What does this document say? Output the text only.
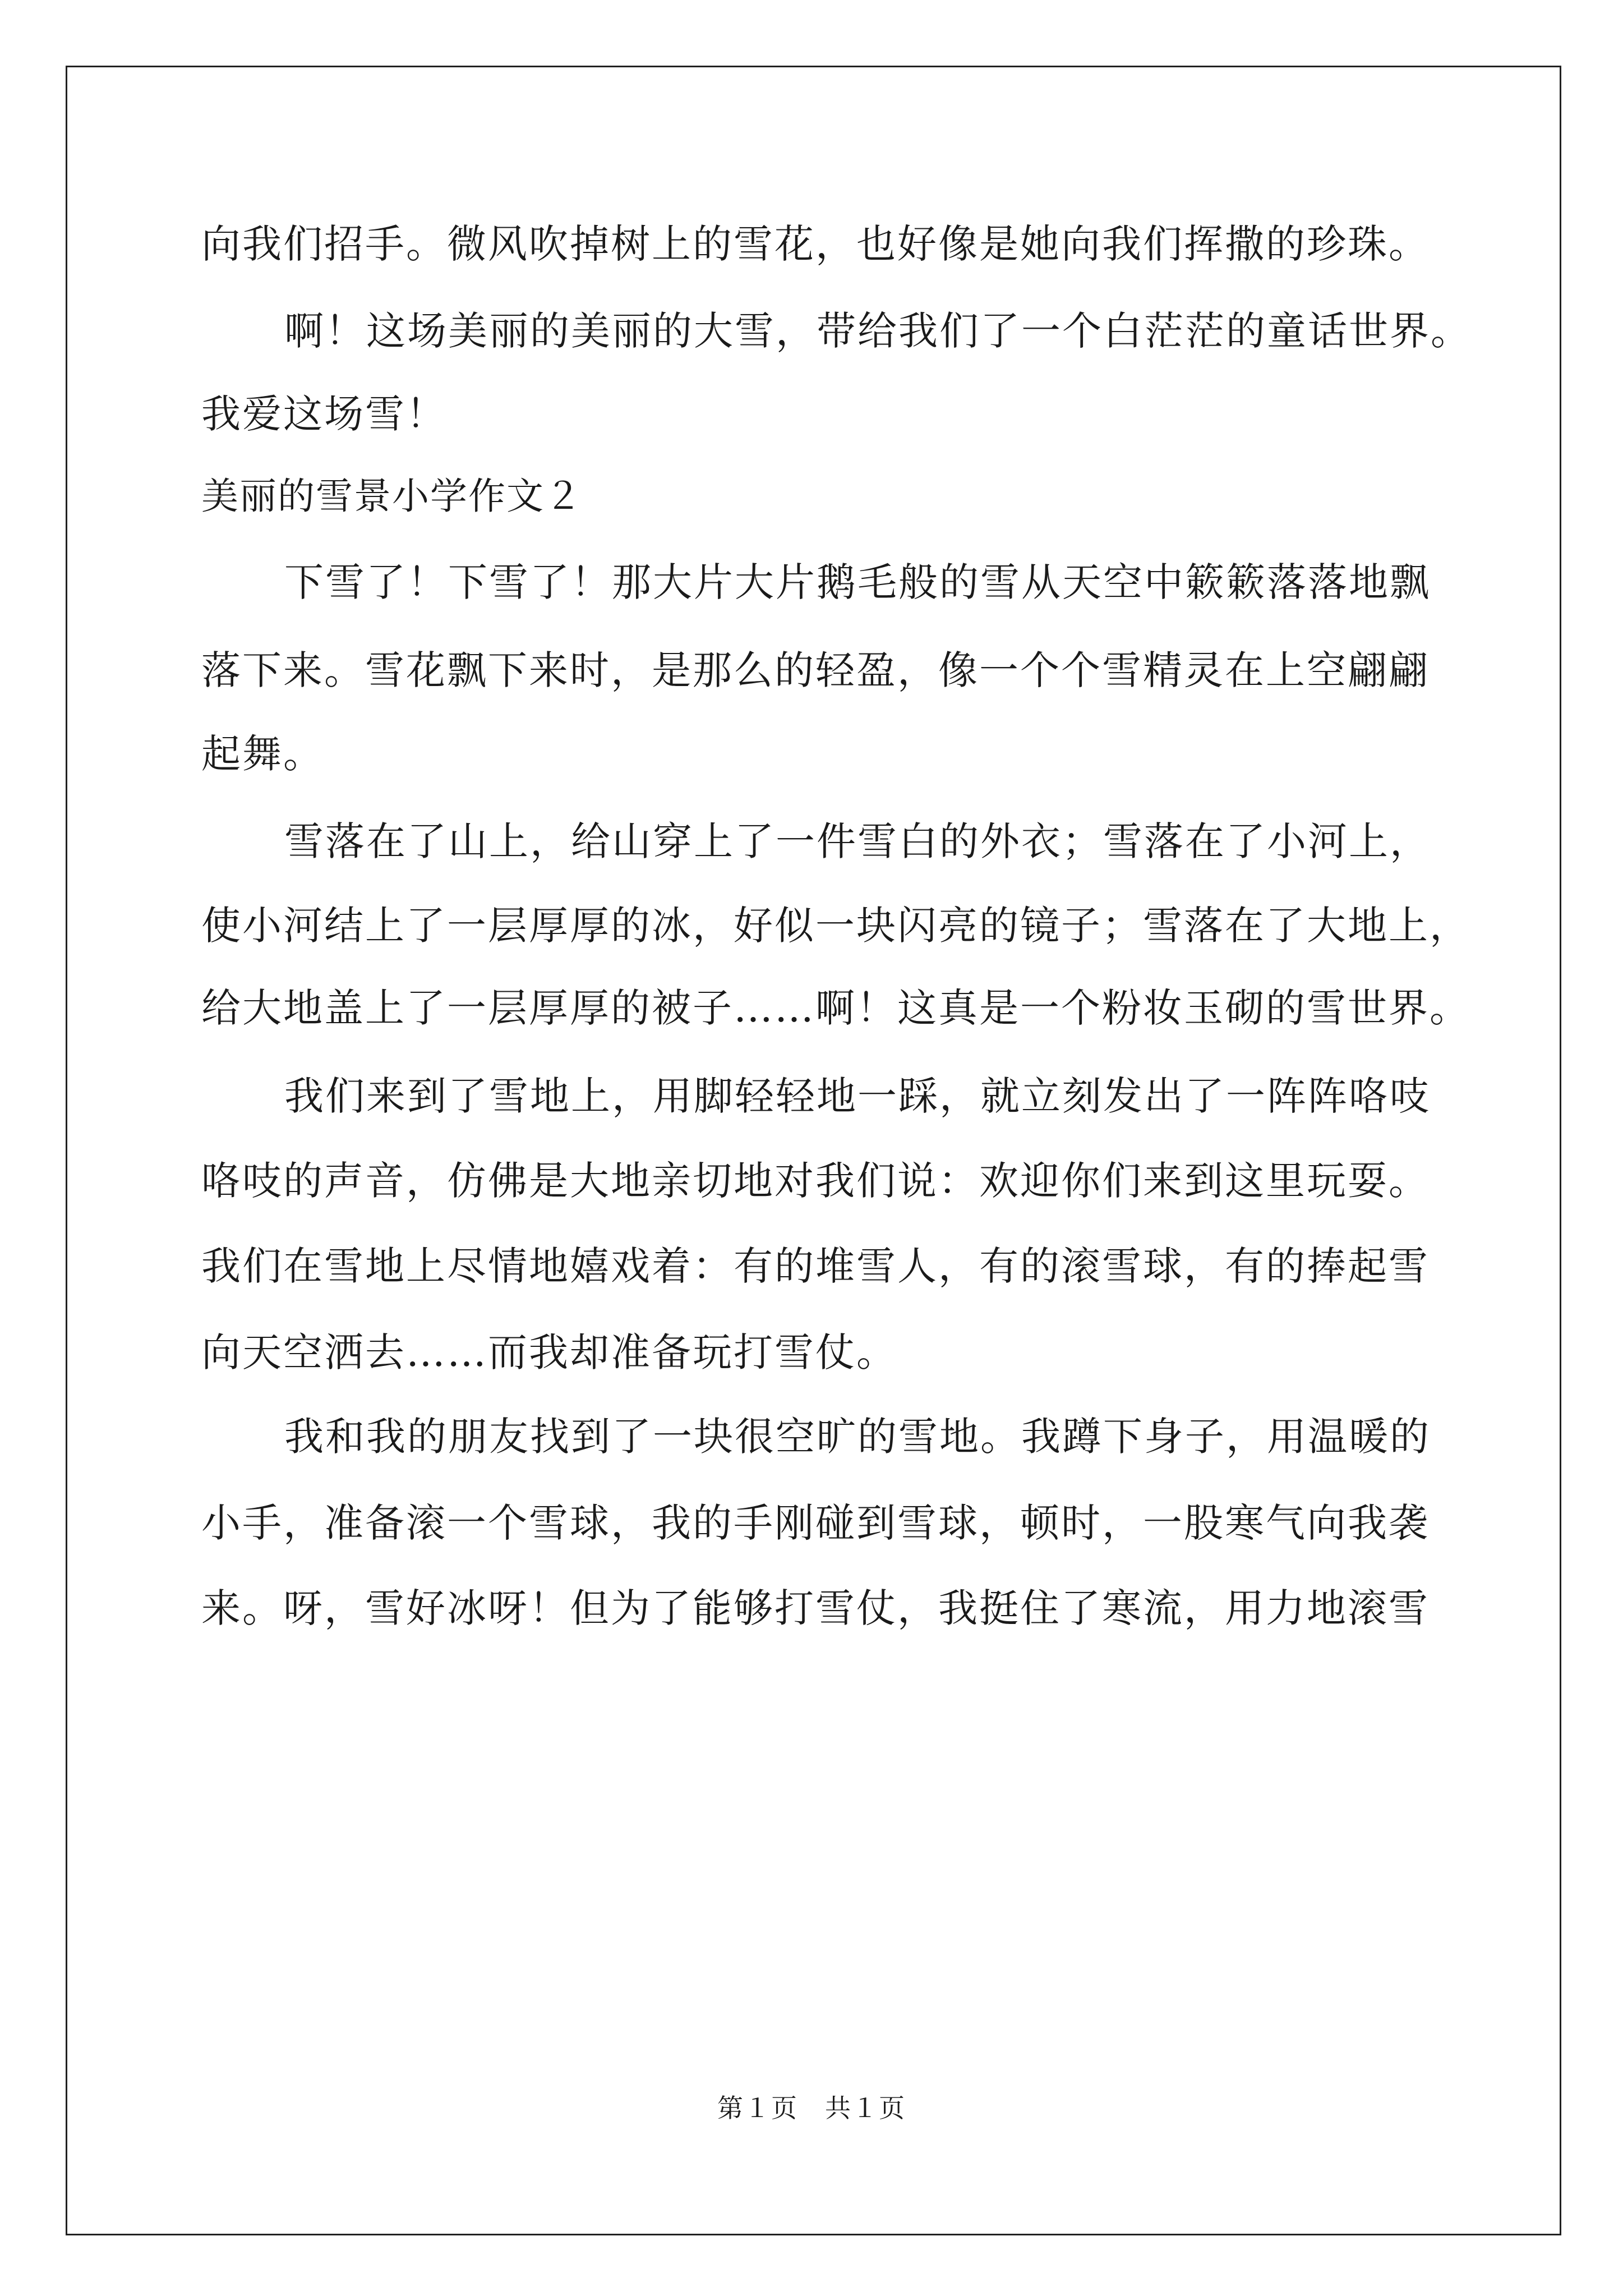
向我们招手。微风吹掉树上的雪花，也好像是她向我们挥撒的珍珠。
啊！这场美丽的美丽的大雪，带给我们了一个白茫茫的童话世界。
我爱这场雪！
美丽的雪景小学作文２
下雪了！下雪了！那大片大片鹅毛般的雪从天空中簌簌落落地飘
落下来。雪花飘下来时，是那么的轻盈，像一个个雪精灵在上空翩翩
起舞。
雪落在了山上，给山穿上了一件雪白的外衣；雪落在了小河上，
使小河结上了一层厚厚的冰，好似一块闪亮的镜子；雪落在了大地上，
给大地盖上了一层厚厚的被子……啊！这真是一个粉妆玉砌的雪世界。
我们来到了雪地上，用脚轻轻地一踩，就立刻发出了一阵阵咯吱
咯吱的声音，仿佛是大地亲切地对我们说：欢迎你们来到这里玩耍。
我们在雪地上尽情地嬉戏着：有的堆雪人，有的滚雪球，有的捧起雪
向天空洒去……而我却准备玩打雪仗。
我和我的朋友找到了一块很空旷的雪地。我蹲下身子，用温暖的
小手，准备滚一个雪球，我的手刚碰到雪球，顿时，一股寒气向我袭
来。呀，雪好冰呀！但为了能够打雪仗，我挺住了寒流，用力地滚雪
第１页　共１页
